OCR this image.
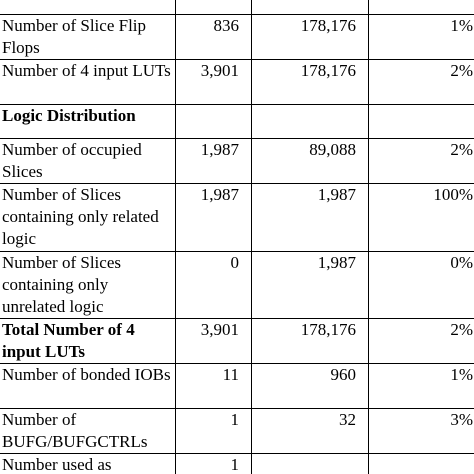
Number of Slice Flip Flops	836	178,176	1%
Number of 4 input LUTs	3,901	178,176	2%
Logic Distribution			
Number of occupied Slices	1,987	89,088	2%
Number of Slices containing only related logic	1,987	1,987	100%
Number of Slices containing only unrelated logic	0	1,987	0%
Total Number of 4 input LUTs	3,901	178,176	2%
Number of bonded IOBs	11	960	1%
Number of BUFG/BUFGCTRLs	1	32	3%
Number used as	1		
